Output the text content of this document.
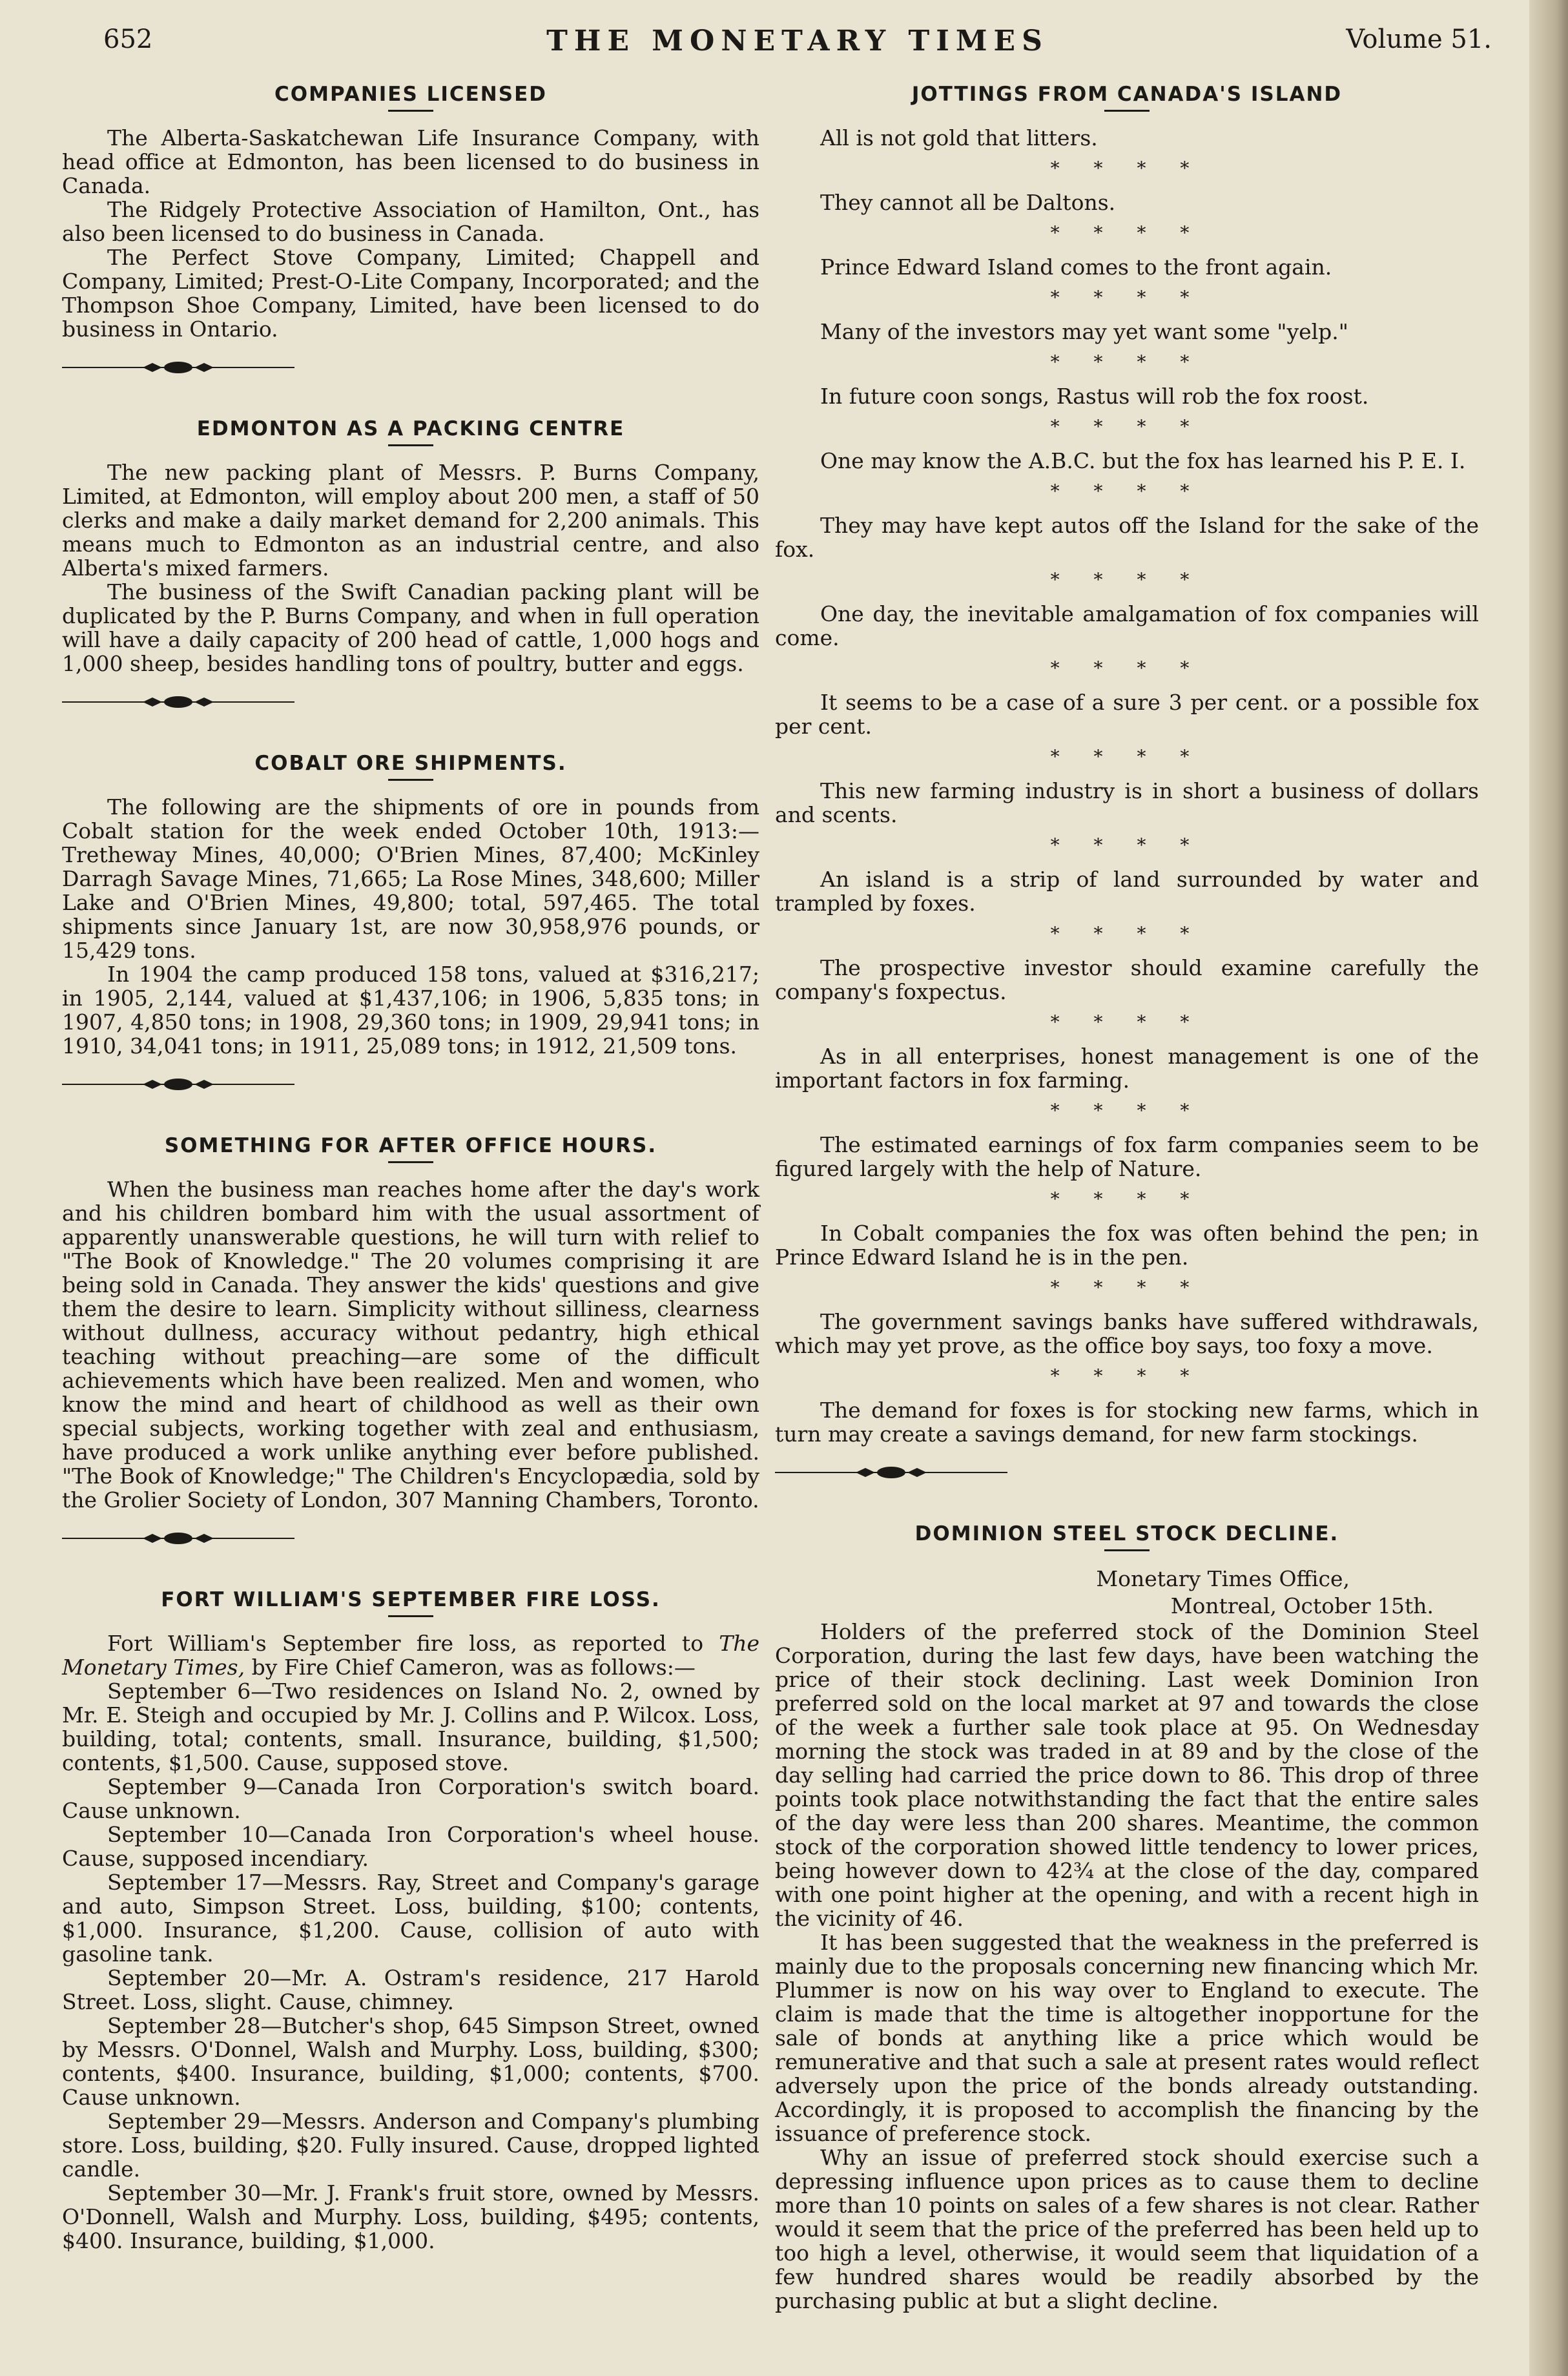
652	THE MONETARY TIMES	Volume 51.
COMPANIES LICENSED

The Alberta-Saskatchewan Life Insurance Company, with head office at Edmonton, has been licensed to do business in Canada.

The Ridgely Protective Association of Hamilton, Ont., has also been licensed to do business in Canada.

The Perfect Stove Company, Limited; Chappell and Company, Limited; Prest-O-Lite Company, Incorporated; and the Thompson Shoe Company, Limited, have been licensed to do business in Ontario.

EDMONTON AS A PACKING CENTRE

The new packing plant of Messrs. P. Burns Company, Limited, at Edmonton, will employ about 200 men, a staff of 50 clerks and make a daily market demand for 2,200 animals. This means much to Edmonton as an industrial centre, and also Alberta's mixed farmers.

The business of the Swift Canadian packing plant will be duplicated by the P. Burns Company, and when in full operation will have a daily capacity of 200 head of cattle, 1,000 hogs and 1,000 sheep, besides handling tons of poultry, butter and eggs.

COBALT ORE SHIPMENTS.

The following are the shipments of ore in pounds from Cobalt station for the week ended October 10th, 1913:—Tretheway Mines, 40,000; O'Brien Mines, 87,400; McKinley Darragh Savage Mines, 71,665; La Rose Mines, 348,600; Miller Lake and O'Brien Mines, 49,800; total, 597,465. The total shipments since January 1st, are now 30,958,976 pounds, or 15,429 tons.

In 1904 the camp produced 158 tons, valued at $316,217; in 1905, 2,144, valued at $1,437,106; in 1906, 5,835 tons; in 1907, 4,850 tons; in 1908, 29,360 tons; in 1909, 29,941 tons; in 1910, 34,041 tons; in 1911, 25,089 tons; in 1912, 21,509 tons.

SOMETHING FOR AFTER OFFICE HOURS.

When the business man reaches home after the day's work and his children bombard him with the usual assortment of apparently unanswerable questions, he will turn with relief to "The Book of Knowledge." The 20 volumes comprising it are being sold in Canada. They answer the kids' questions and give them the desire to learn. Simplicity without silliness, clearness without dullness, accuracy without pedantry, high ethical teaching without preaching—are some of the difficult achievements which have been realized. Men and women, who know the mind and heart of childhood as well as their own special subjects, working together with zeal and enthusiasm, have produced a work unlike anything ever before published. "The Book of Knowledge;" The Children's Encyclopædia, sold by the Grolier Society of London, 307 Manning Chambers, Toronto.

FORT WILLIAM'S SEPTEMBER FIRE LOSS.

Fort William's September fire loss, as reported to The Monetary Times, by Fire Chief Cameron, was as follows:—

September 6—Two residences on Island No. 2, owned by Mr. E. Steigh and occupied by Mr. J. Collins and P. Wilcox. Loss, building, total; contents, small. Insurance, building, $1,500; contents, $1,500. Cause, supposed stove.

September 9—Canada Iron Corporation's switch board. Cause unknown.

September 10—Canada Iron Corporation's wheel house. Cause, supposed incendiary.

September 17—Messrs. Ray, Street and Company's garage and auto, Simpson Street. Loss, building, $100; contents, $1,000. Insurance, $1,200. Cause, collision of auto with gasoline tank.

September 20—Mr. A. Ostram's residence, 217 Harold Street. Loss, slight. Cause, chimney.

September 28—Butcher's shop, 645 Simpson Street, owned by Messrs. O'Donnel, Walsh and Murphy. Loss, building, $300; contents, $400. Insurance, building, $1,000; contents, $700. Cause unknown.

September 29—Messrs. Anderson and Company's plumbing store. Loss, building, $20. Fully insured. Cause, dropped lighted candle.

September 30—Mr. J. Frank's fruit store, owned by Messrs. O'Donnell, Walsh and Murphy. Loss, building, $495; contents, $400. Insurance, building, $1,000.

JOTTINGS FROM CANADA'S ISLAND

All is not gold that litters.

* * * *

They cannot all be Daltons.

* * * *

Prince Edward Island comes to the front again.

* * * *

Many of the investors may yet want some "yelp."

* * * *

In future coon songs, Rastus will rob the fox roost.

* * * *

One may know the A.B.C. but the fox has learned his P. E. I.

* * * *

They may have kept autos off the Island for the sake of the fox.

* * * *

One day, the inevitable amalgamation of fox companies will come.

* * * *

It seems to be a case of a sure 3 per cent. or a possible fox per cent.

* * * *

This new farming industry is in short a business of dollars and scents.

* * * *

An island is a strip of land surrounded by water and trampled by foxes.

* * * *

The prospective investor should examine carefully the company's foxpectus.

* * * *

As in all enterprises, honest management is one of the important factors in fox farming.

* * * *

The estimated earnings of fox farm companies seem to be figured largely with the help of Nature.

* * * *

In Cobalt companies the fox was often behind the pen; in Prince Edward Island he is in the pen.

* * * *

The government savings banks have suffered withdrawals, which may yet prove, as the office boy says, too foxy a move.

* * * *

The demand for foxes is for stocking new farms, which in turn may create a savings demand, for new farm stockings.

DOMINION STEEL STOCK DECLINE.
Monetary Times Office,
Montreal, October 15th.

Holders of the preferred stock of the Dominion Steel Corporation, during the last few days, have been watching the price of their stock declining. Last week Dominion Iron preferred sold on the local market at 97 and towards the close of the week a further sale took place at 95. On Wednesday morning the stock was traded in at 89 and by the close of the day selling had carried the price down to 86. This drop of three points took place notwithstanding the fact that the entire sales of the day were less than 200 shares. Meantime, the common stock of the corporation showed little tendency to lower prices, being however down to 42¾ at the close of the day, compared with one point higher at the opening, and with a recent high in the vicinity of 46.

It has been suggested that the weakness in the preferred is mainly due to the proposals concerning new financing which Mr. Plummer is now on his way over to England to execute. The claim is made that the time is altogether inopportune for the sale of bonds at anything like a price which would be remunerative and that such a sale at present rates would reflect adversely upon the price of the bonds already outstanding. Accordingly, it is proposed to accomplish the financing by the issuance of preference stock.

Why an issue of preferred stock should exercise such a depressing influence upon prices as to cause them to decline more than 10 points on sales of a few shares is not clear. Rather would it seem that the price of the preferred has been held up to too high a level, otherwise, it would seem that liquidation of a few hundred shares would be readily absorbed by the purchasing public at but a slight decline.
